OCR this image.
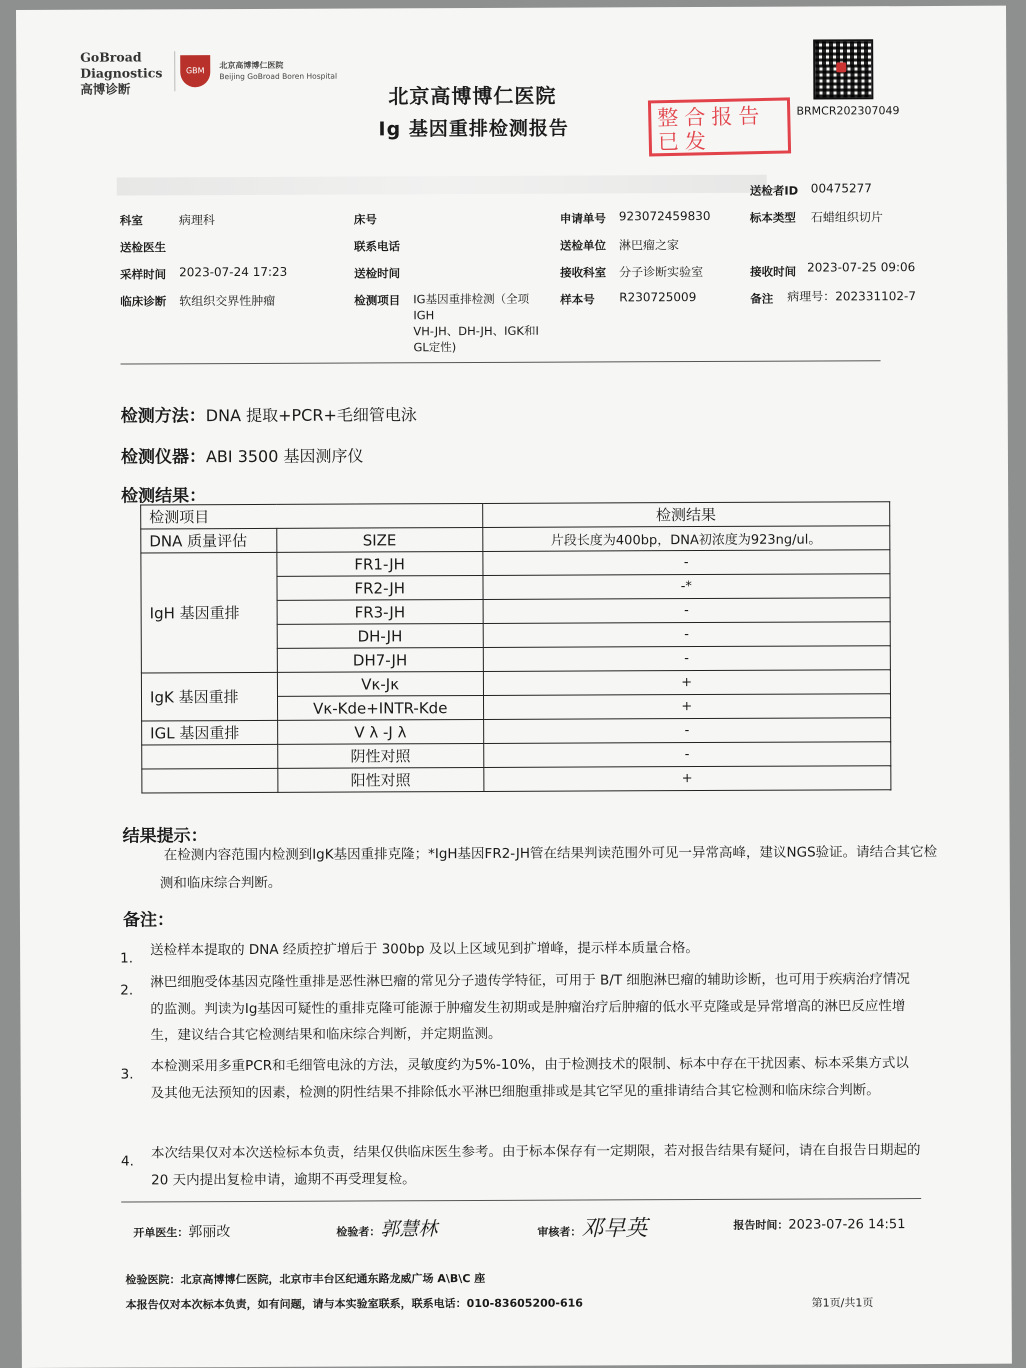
GoBroad
Diagnostics
高博诊断
GBM
北京高博博仁医院
Beijing GoBroad Boren Hospital
北京高博博仁医院
Ig 基因重排检测报告	整合报告已发
BRMCR202307049
送检者ID 00475277
科室	病理科	床号	申请单号 923072459830	标本类型 石蜡组织切片
送检医生	联系电话	送检单位 淋巴瘤之家
采样时间 2023-07-24 17:23	送检时间	接收科室 分子诊断实验室	接收时间 2023-07-25 09:06
临床诊断 软组织交界性肿瘤	检测项目 IG基因重排检测（全项
IGH
VH-JH、DH-JH、IGK和I
GL定性)
样本号 R230725009	备注 病理号：202331102-7
检测方法：DNA 提取+PCR+毛细管电泳
检测仪器：ABI 3500 基因测序仪
检测结果：
检测项目		检测结果
DNA 质量评估	SIZE	片段长度为400bp，DNA初浓度为923ng/ul。
IgH 基因重排	FR1-JH	-
	FR2-JH	-*
	FR3-JH	-
	DH-JH	-
	DH7-JH	-
IgK 基因重排	Vκ-Jκ	+
	Vκ-Kde+INTR-Kde	+
IGL 基因重排	V λ -J λ	-
	阴性对照	-
	阳性对照	+
结果提示：
在检测内容范围内检测到IgK基因重排克隆；*IgH基因FR2-JH管在结果判读范围外可见一异常高峰，建议NGS验证。请结合其它检测和临床综合判断。
备注：
1.
送检样本提取的 DNA 经质控扩增后于 300bp 及以上区域见到扩增峰，提示样本质量合格。
2.
淋巴细胞受体基因克隆性重排是恶性淋巴瘤的常见分子遗传学特征，可用于 B/T 细胞淋巴瘤的辅助诊断，也可用于疾病治疗情况的监测。判读为Ig基因可疑性的重排克隆可能源于肿瘤发生初期或是肿瘤治疗后肿瘤的低水平克隆或是异常增高的淋巴反应性增生，建议结合其它检测结果和临床综合判断，并定期监测。
3.
本检测采用多重PCR和毛细管电泳的方法，灵敏度约为5%-10%，由于检测技术的限制、标本中存在干扰因素、标本采集方式以及其他无法预知的因素，检测的阴性结果不排除低水平淋巴细胞重排或是其它罕见的重排请结合其它检测和临床综合判断。
4.
本次结果仅对本次送检标本负责，结果仅供临床医生参考。由于标本保存有一定期限，若对报告结果有疑问，请在自报告日期起的 20 天内提出复检申请，逾期不再受理复检。
开单医生：郭丽改	检验者：郭慧林	审核者：邓早英	报告时间：2023-07-26 14:51
检验医院：北京高博博仁医院，北京市丰台区纪通东路龙威广场 A\B\C 座
本报告仅对本次标本负责，如有问题，请与本实验室联系，联系电话：010-83605200-616	第1页/共1页
